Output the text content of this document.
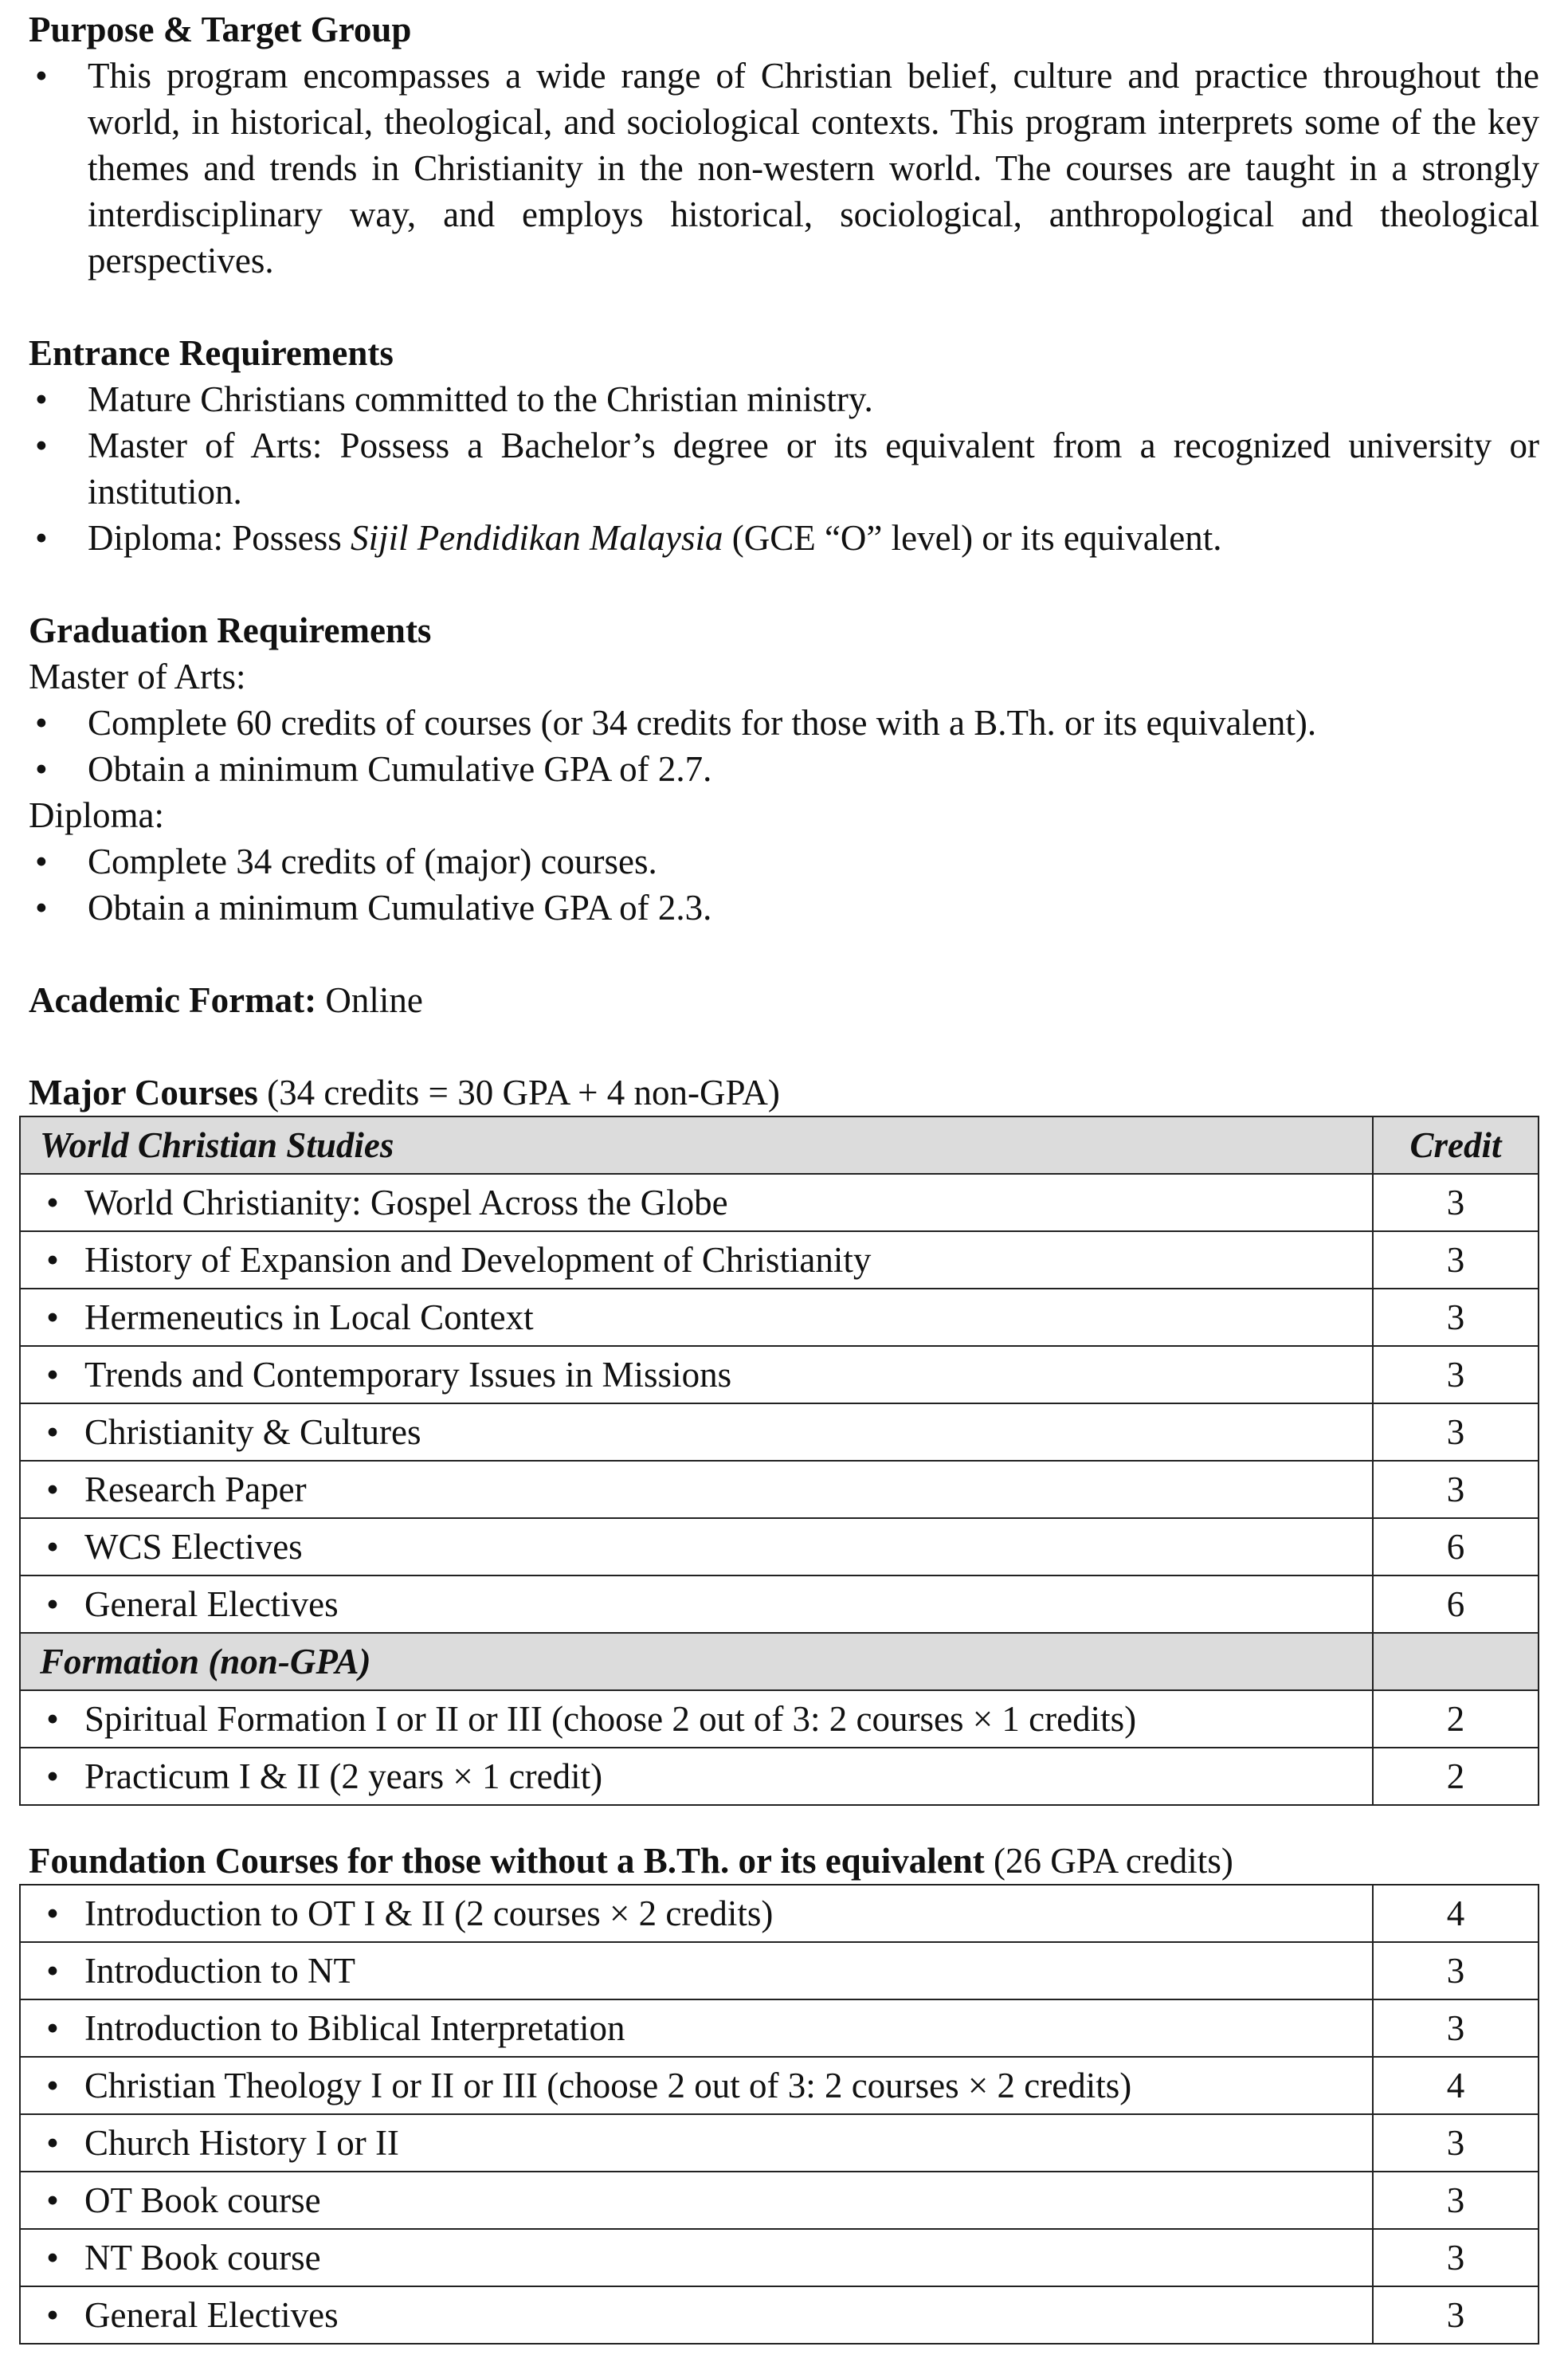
Purpose & Target Group

• This program encompasses a wide range of Christian belief, culture and practice throughout the world, in historical, theological, and sociological contexts. This program interprets some of the key themes and trends in Christianity in the non-western world. The courses are taught in a strongly interdisciplinary way, and employs historical, sociological, anthropological and theological perspectives.

Entrance Requirements

• Mature Christians committed to the Christian ministry.
• Master of Arts: Possess a Bachelor’s degree or its equivalent from a recognized university or institution.
• Diploma: Possess Sijil Pendidikan Malaysia (GCE “O” level) or its equivalent.

Graduation Requirements

Master of Arts:

• Complete 60 credits of courses (or 34 credits for those with a B.Th. or its equivalent).
• Obtain a minimum Cumulative GPA of 2.7.

Diploma:

• Complete 34 credits of (major) courses.
• Obtain a minimum Cumulative GPA of 2.3.
Academic Format: Online

Major Courses (34 credits = 30 GPA + 4 non-GPA)

World Christian Studies	Credit
• World Christianity: Gospel Across the Globe	3
• History of Expansion and Development of Christianity	3
• Hermeneutics in Local Context	3
• Trends and Contemporary Issues in Missions	3
• Christianity & Cultures	3
• Research Paper	3
• WCS Electives	6
• General Electives	6
Formation (non-GPA)	
• Spiritual Formation I or II or III (choose 2 out of 3: 2 courses × 1 credits)	2
• Practicum I & II (2 years × 1 credit)	2

Foundation Courses for those without a B.Th. or its equivalent (26 GPA credits)

• Introduction to OT I & II (2 courses × 2 credits)	4
• Introduction to NT	3
• Introduction to Biblical Interpretation	3
• Christian Theology I or II or III (choose 2 out of 3: 2 courses × 2 credits)	4
• Church History I or II	3
• OT Book course	3
• NT Book course	3
• General Electives	3
